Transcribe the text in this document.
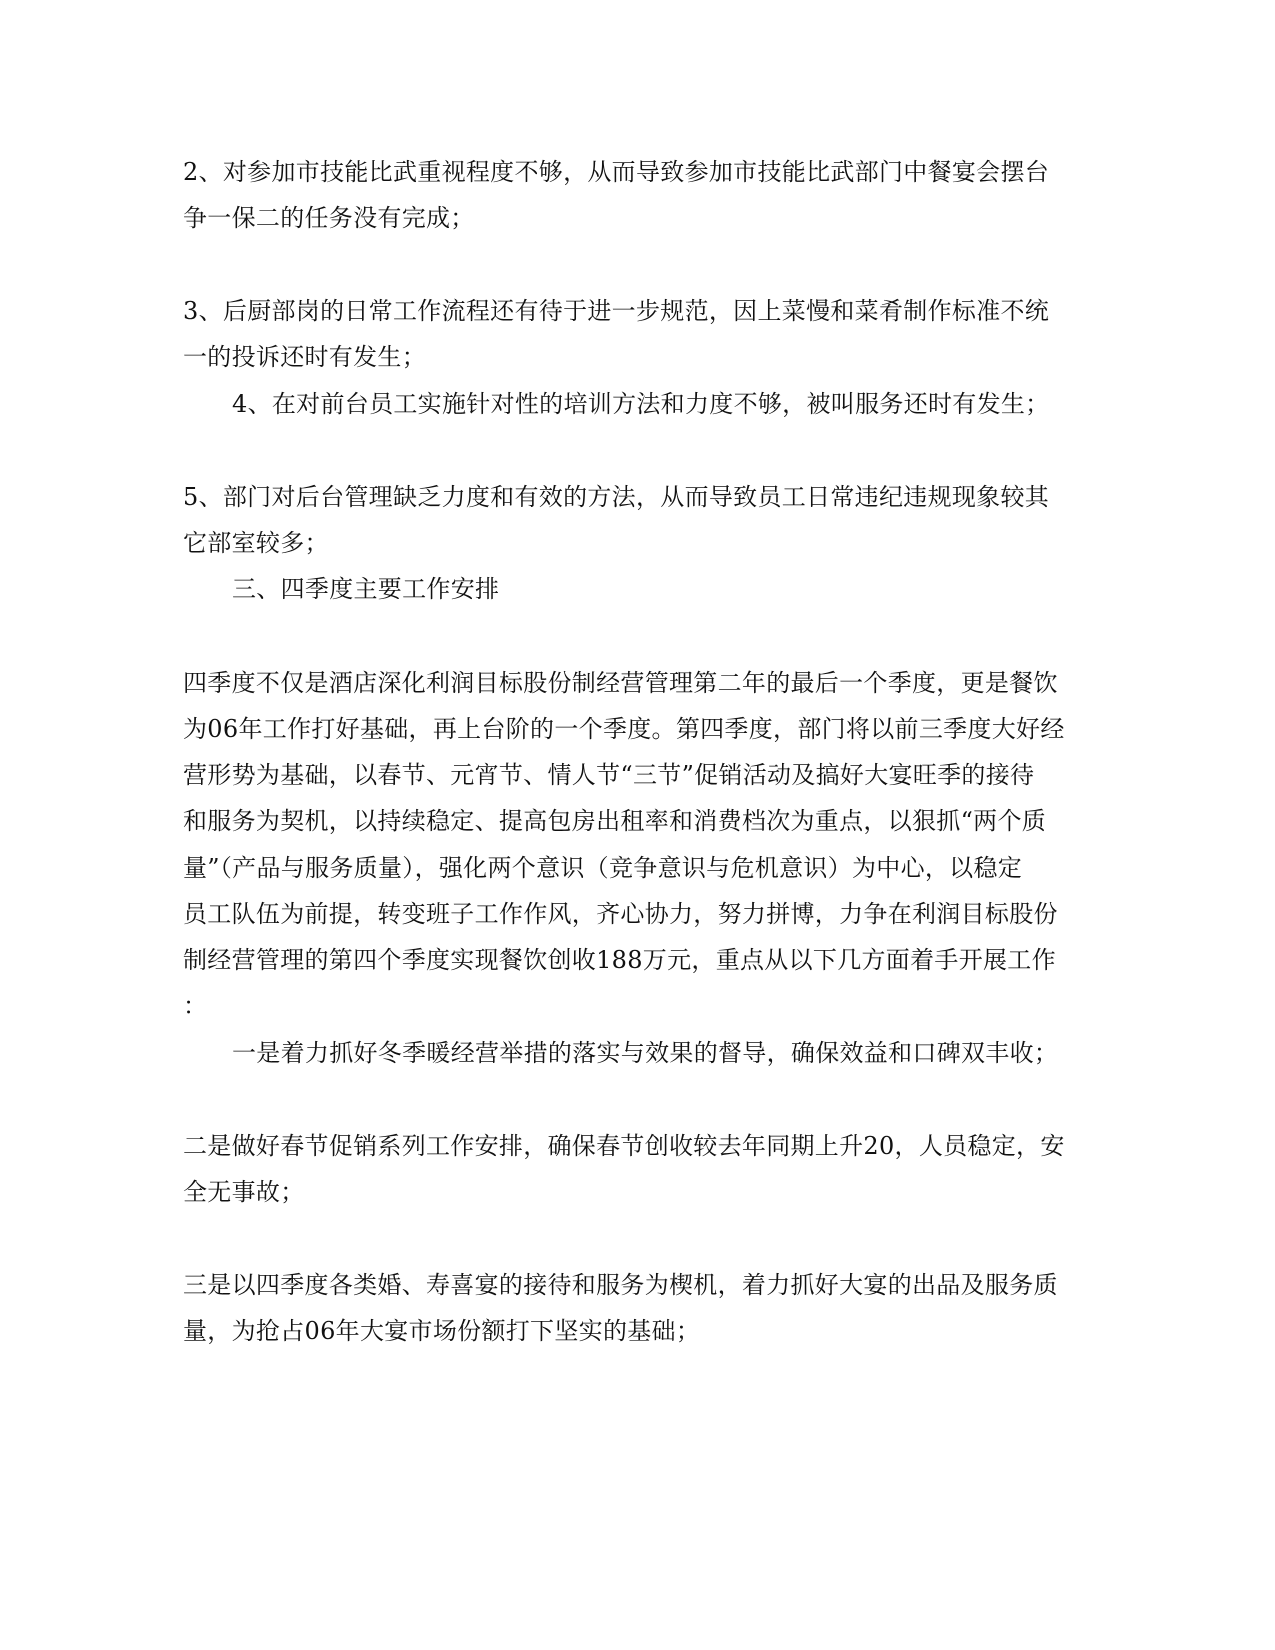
2、对参加市技能比武重视程度不够，从而导致参加市技能比武部门中餐宴会摆台
争一保二的任务没有完成；
3、后厨部岗的日常工作流程还有待于进一步规范，因上菜慢和菜肴制作标准不统
一的投诉还时有发生；
4、在对前台员工实施针对性的培训方法和力度不够，被叫服务还时有发生；
5、部门对后台管理缺乏力度和有效的方法，从而导致员工日常违纪违规现象较其
它部室较多；
三、四季度主要工作安排
四季度不仅是酒店深化利润目标股份制经营管理第二年的最后一个季度，更是餐饮
为06年工作打好基础，再上台阶的一个季度。第四季度，部门将以前三季度大好经
营形势为基础，以春节、元宵节、情人节“三节”促销活动及搞好大宴旺季的接待
和服务为契机，以持续稳定、提高包房出租率和消费档次为重点，以狠抓“两个质
量”（产品与服务质量），强化两个意识（竞争意识与危机意识）为中心，以稳定
员工队伍为前提，转变班子工作作风，齐心协力，努力拼博，力争在利润目标股份
制经营管理的第四个季度实现餐饮创收188万元，重点从以下几方面着手开展工作
：
一是着力抓好冬季暖经营举措的落实与效果的督导，确保效益和口碑双丰收；
二是做好春节促销系列工作安排，确保春节创收较去年同期上升20，人员稳定，安
全无事故；
三是以四季度各类婚、寿喜宴的接待和服务为楔机，着力抓好大宴的出品及服务质
量，为抢占06年大宴市场份额打下坚实的基础；
